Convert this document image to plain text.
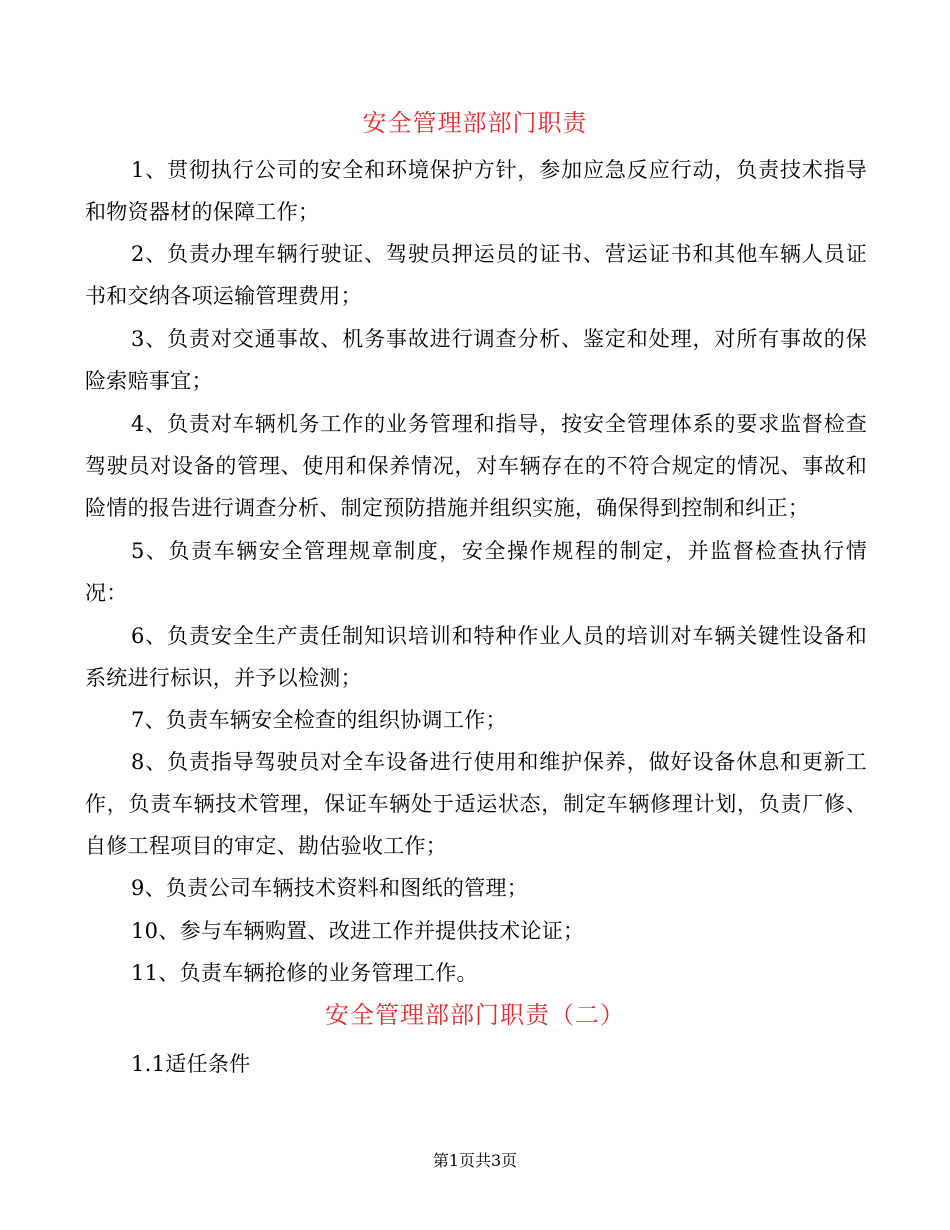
安全管理部部门职责

1、贯彻执行公司的安全和环境保护方针，参加应急反应行动，负责技术指导和物资器材的保障工作；

2、负责办理车辆行驶证、驾驶员押运员的证书、营运证书和其他车辆人员证书和交纳各项运输管理费用；

3、负责对交通事故、机务事故进行调查分析、鉴定和处理，对所有事故的保险索赔事宜；

4、负责对车辆机务工作的业务管理和指导，按安全管理体系的要求监督检查驾驶员对设备的管理、使用和保养情况，对车辆存在的不符合规定的情况、事故和险情的报告进行调查分析、制定预防措施并组织实施，确保得到控制和纠正；

5、负责车辆安全管理规章制度，安全操作规程的制定，并监督检查执行情况：

6、负责安全生产责任制知识培训和特种作业人员的培训对车辆关键性设备和系统进行标识，并予以检测；

7、负责车辆安全检查的组织协调工作；

8、负责指导驾驶员对全车设备进行使用和维护保养，做好设备休息和更新工作，负责车辆技术管理，保证车辆处于适运状态，制定车辆修理计划，负责厂修、自修工程项目的审定、勘估验收工作；

9、负责公司车辆技术资料和图纸的管理；

10、参与车辆购置、改进工作并提供技术论证；

11、负责车辆抢修的业务管理工作。

安全管理部部门职责（二）

1.1适任条件

第1页共3页
